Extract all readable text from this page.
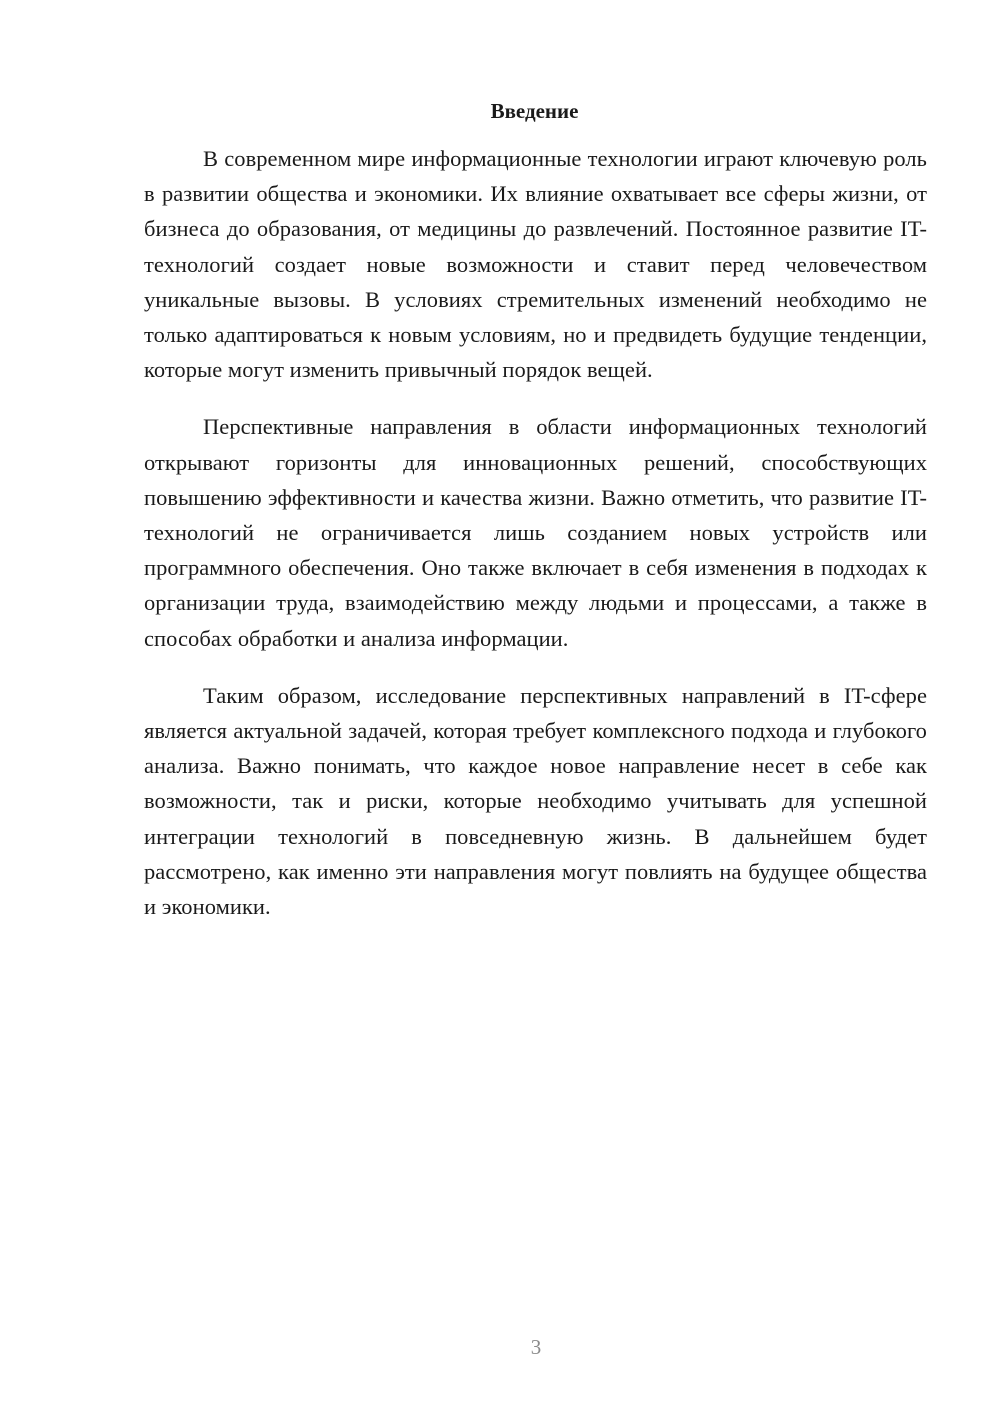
Введение

В современном мире информационные технологии играют ключевую роль в развитии общества и экономики. Их влияние охватывает все сферы жизни, от бизнеса до образования, от медицины до развлечений. Постоянное развитие IT-технологий создает новые возможности и ставит перед человечеством уникальные вызовы. В условиях стремительных изменений необходимо не только адаптироваться к новым условиям, но и предвидеть будущие тенденции, которые могут изменить привычный порядок вещей.

Перспективные направления в области информационных технологий открывают горизонты для инновационных решений, способствующих повышению эффективности и качества жизни. Важно отметить, что развитие IT-технологий не ограничивается лишь созданием новых устройств или программного обеспечения. Оно также включает в себя изменения в подходах к организации труда, взаимодействию между людьми и процессами, а также в способах обработки и анализа информации.

Таким образом, исследование перспективных направлений в IT-сфере является актуальной задачей, которая требует комплексного подхода и глубокого анализа. Важно понимать, что каждое новое направление несет в себе как возможности, так и риски, которые необходимо учитывать для успешной интеграции технологий в повседневную жизнь. В дальнейшем будет рассмотрено, как именно эти направления могут повлиять на будущее общества и экономики.

3
